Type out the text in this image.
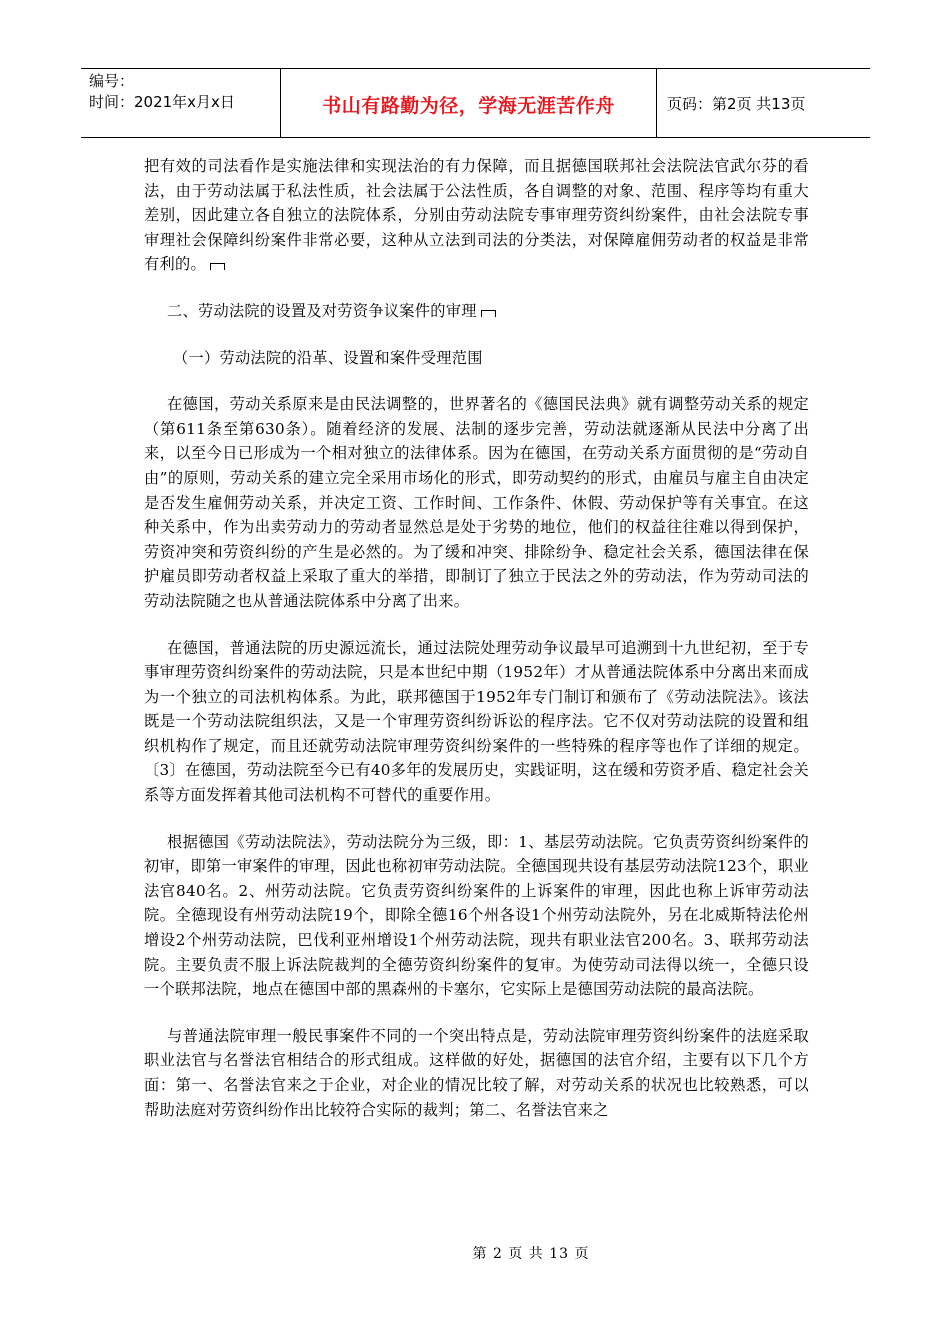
编号：
时间：2021年x月x日	书山有路勤为径，学海无涯苦作舟	页码：第2页 共13页

把有效的司法看作是实施法律和实现法治的有力保障，而且据德国联邦社会法院法官武尔芬的看法，由于劳动法属于私法性质，社会法属于公法性质，各自调整的对象、范围、程序等均有重大差别，因此建立各自独立的法院体系，分别由劳动法院专事审理劳资纠纷案件，由社会法院专事审理社会保障纠纷案件非常必要，这种从立法到司法的分类法，对保障雇佣劳动者的权益是非常有利的。

二、劳动法院的设置及对劳资争议案件的审理

（一）劳动法院的沿革、设置和案件受理范围

在德国，劳动关系原来是由民法调整的，世界著名的《德国民法典》就有调整劳动关系的规定（第611条至第630条）。随着经济的发展、法制的逐步完善，劳动法就逐渐从民法中分离了出来，以至今日已形成为一个相对独立的法律体系。因为在德国，在劳动关系方面贯彻的是“劳动自由”的原则，劳动关系的建立完全采用市场化的形式，即劳动契约的形式，由雇员与雇主自由决定是否发生雇佣劳动关系，并决定工资、工作时间、工作条件、休假、劳动保护等有关事宜。在这种关系中，作为出卖劳动力的劳动者显然总是处于劣势的地位，他们的权益往往难以得到保护，劳资冲突和劳资纠纷的产生是必然的。为了缓和冲突、排除纷争、稳定社会关系，德国法律在保护雇员即劳动者权益上采取了重大的举措，即制订了独立于民法之外的劳动法，作为劳动司法的劳动法院随之也从普通法院体系中分离了出来。

在德国，普通法院的历史源远流长，通过法院处理劳动争议最早可追溯到十九世纪初，至于专事审理劳资纠纷案件的劳动法院，只是本世纪中期（1952年）才从普通法院体系中分离出来而成为一个独立的司法机构体系。为此，联邦德国于1952年专门制订和颁布了《劳动法院法》。该法既是一个劳动法院组织法，又是一个审理劳资纠纷诉讼的程序法。它不仅对劳动法院的设置和组织机构作了规定，而且还就劳动法院审理劳资纠纷案件的一些特殊的程序等也作了详细的规定。〔3〕在德国，劳动法院至今已有40多年的发展历史，实践证明，这在缓和劳资矛盾、稳定社会关系等方面发挥着其他司法机构不可替代的重要作用。

根据德国《劳动法院法》，劳动法院分为三级，即：1、基层劳动法院。它负责劳资纠纷案件的初审，即第一审案件的审理，因此也称初审劳动法院。全德国现共设有基层劳动法院123个，职业法官840名。2、州劳动法院。它负责劳资纠纷案件的上诉案件的审理，因此也称上诉审劳动法院。全德现设有州劳动法院19个，即除全德16个州各设1个州劳动法院外，另在北威斯特法伦州增设2个州劳动法院，巴伐利亚州增设1个州劳动法院，现共有职业法官200名。3、联邦劳动法院。主要负责不服上诉法院裁判的全德劳资纠纷案件的复审。为使劳动司法得以统一，全德只设一个联邦法院，地点在德国中部的黑森州的卡塞尔，它实际上是德国劳动法院的最高法院。

与普通法院审理一般民事案件不同的一个突出特点是，劳动法院审理劳资纠纷案件的法庭采取职业法官与名誉法官相结合的形式组成。这样做的好处，据德国的法官介绍，主要有以下几个方面：第一、名誉法官来之于企业，对企业的情况比较了解，对劳动关系的状况也比较熟悉，可以帮助法庭对劳资纠纷作出比较符合实际的裁判；第二、名誉法官来之

第 2 页 共 13 页
